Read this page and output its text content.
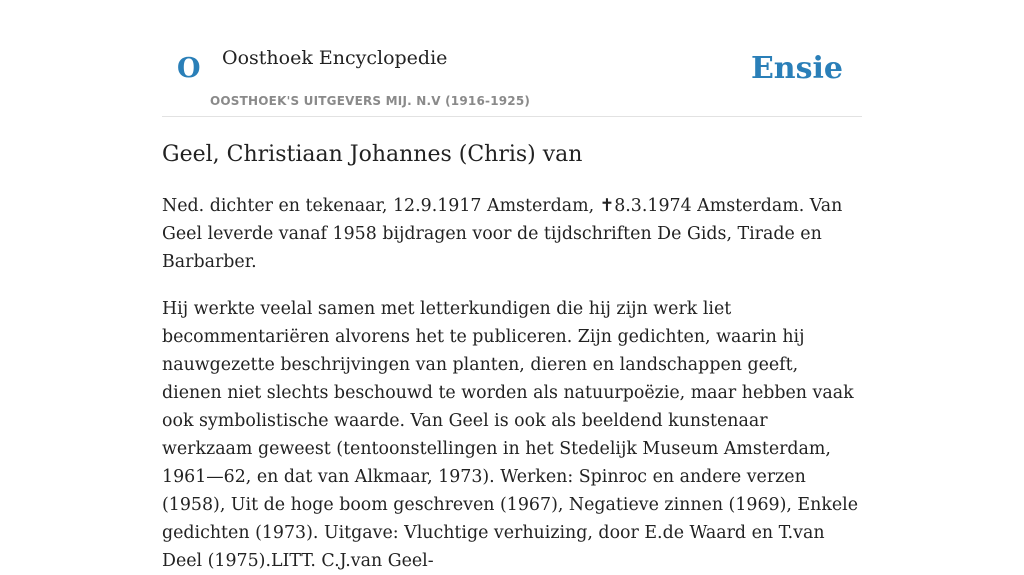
O Oosthoek Encyclopedie
OOSTHOEK'S UITGEVERS MIJ. N.V (1916-1925)
Ensie
Geel, Christiaan Johannes (Chris) van

Ned. dichter en tekenaar, 12.9.1917 Amsterdam, ✝8.3.1974 Amsterdam. Van Geel leverde vanaf 1958 bijdragen voor de tijdschriften De Gids, Tirade en Barbarber.

Hij werkte veelal samen met letterkundigen die hij zijn werk liet becommentariëren alvorens het te publiceren. Zijn gedichten, waarin hij nauwgezette beschrijvingen van planten, dieren en landschappen geeft, dienen niet slechts beschouwd te worden als natuurpoëzie, maar hebben vaak ook symbolistische waarde. Van Geel is ook als beeldend kunstenaar werkzaam geweest (tentoonstellingen in het Stedelijk Museum Amsterdam, 1961—62, en dat van Alkmaar, 1973). Werken: Spinroc en andere verzen (1958), Uit de hoge boom geschreven (1967), Negatieve zinnen (1969), Enkele gedichten (1973). Uitgave: Vluchtige verhuizing, door E.de Waard en T.van Deel (1975).LITT. C.J.van Geel-
